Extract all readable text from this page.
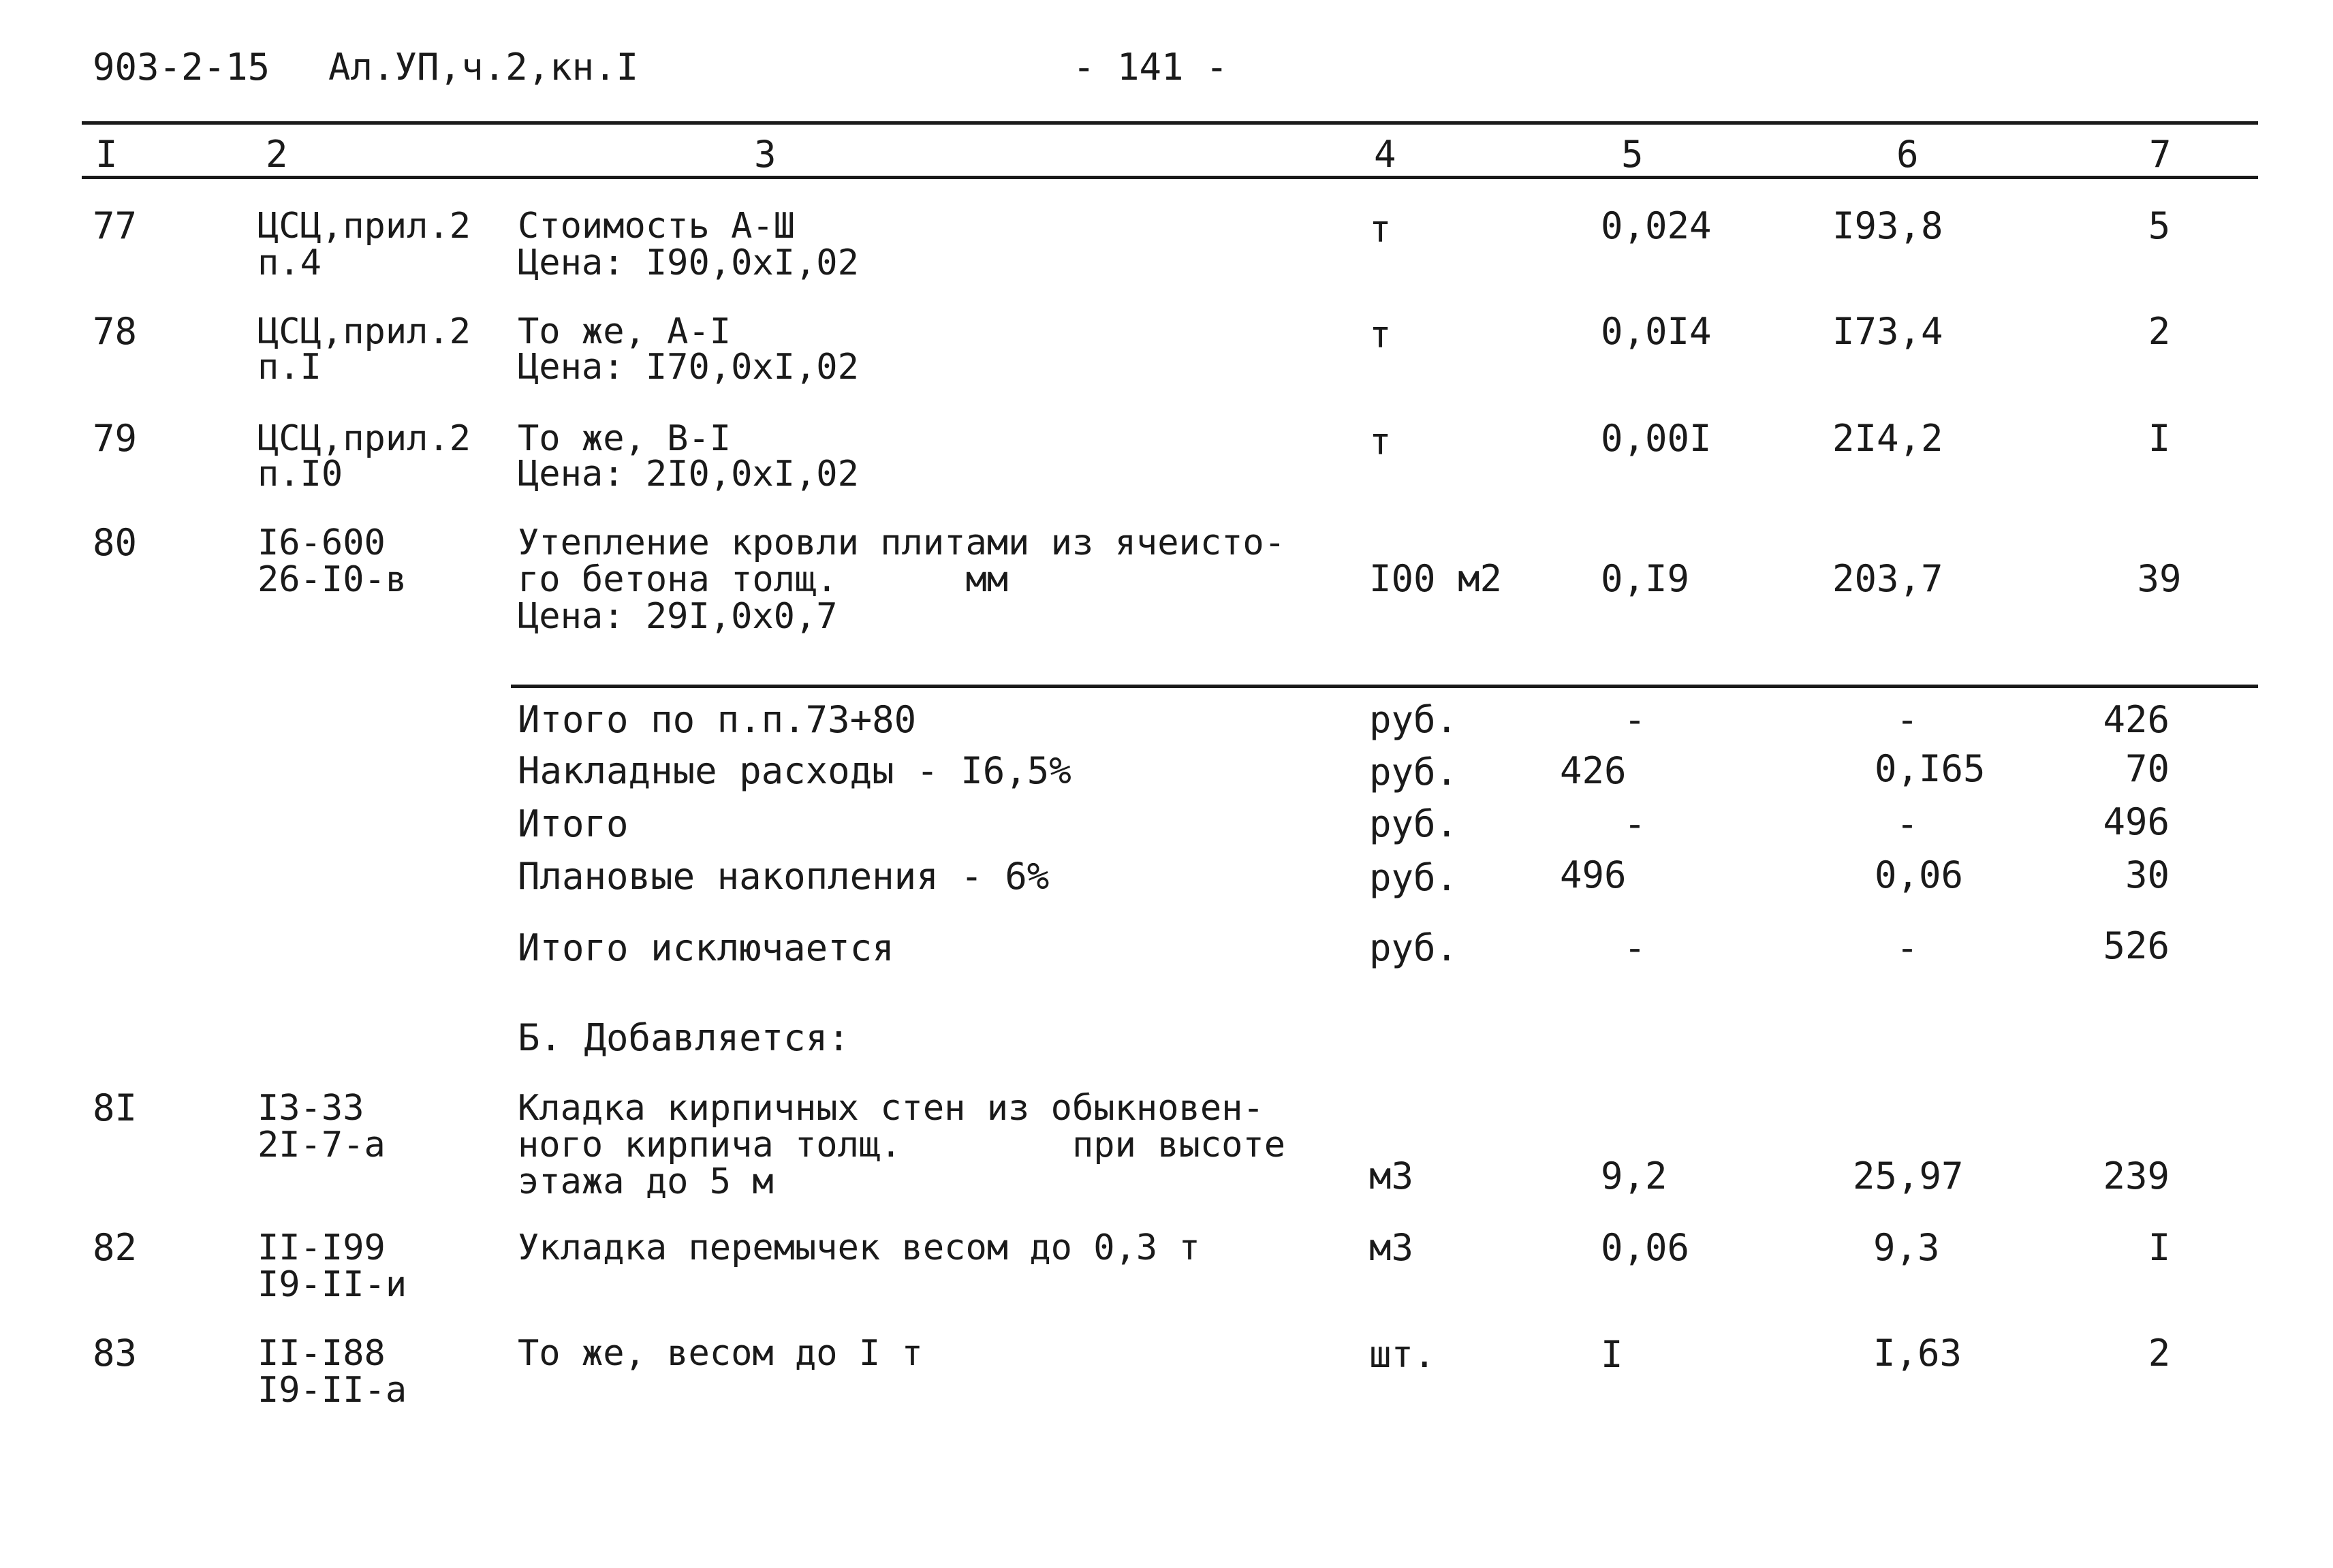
903-2-15 Ал.УП,ч.2,кн.I	- 141 -
I	2	3	4	5	6	7
77	ЦСЦ,прил.2
п.4
Стоимость А-Ш
Цена: I90,0xI,02
т	0,024	I93,8	5
78	ЦСЦ,прил.2
п.I
То же, А-I
Цена: I70,0xI,02
т	0,0I4	I73,4	2
79	ЦСЦ,прил.2
п.I0
То же, В-I
Цена: 2I0,0xI,02
т	0,00I	2I4,2	I
80	I6-600
26-I0-в
Утепление кровли плитами из ячеисто-
го бетона толщ.      мм
Цена: 29I,0x0,7
I00 м2	0,I9	203,7	39
Итого по п.п.73+80	руб.	-	-	426
Накладные расходы - I6,5%	руб.	426	0,I65	70
Итого	руб.	-	-	496
Плановые накопления - 6%	руб.	496	0,06	30
Итого исключается	руб.	-	-	526
Б. Добавляется:
8I	I3-33
2I-7-а
Кладка кирпичных стен из обыкновен-
ного кирпича толщ.        при высоте
этажа до 5 м	м3	9,2	25,97	239
82	II-I99
I9-II-и
Укладка перемычек весом до 0,3 т	м3	0,06	9,3	I
83	II-I88
I9-II-а
То же, весом до I т	шт.	I	I,63	2
